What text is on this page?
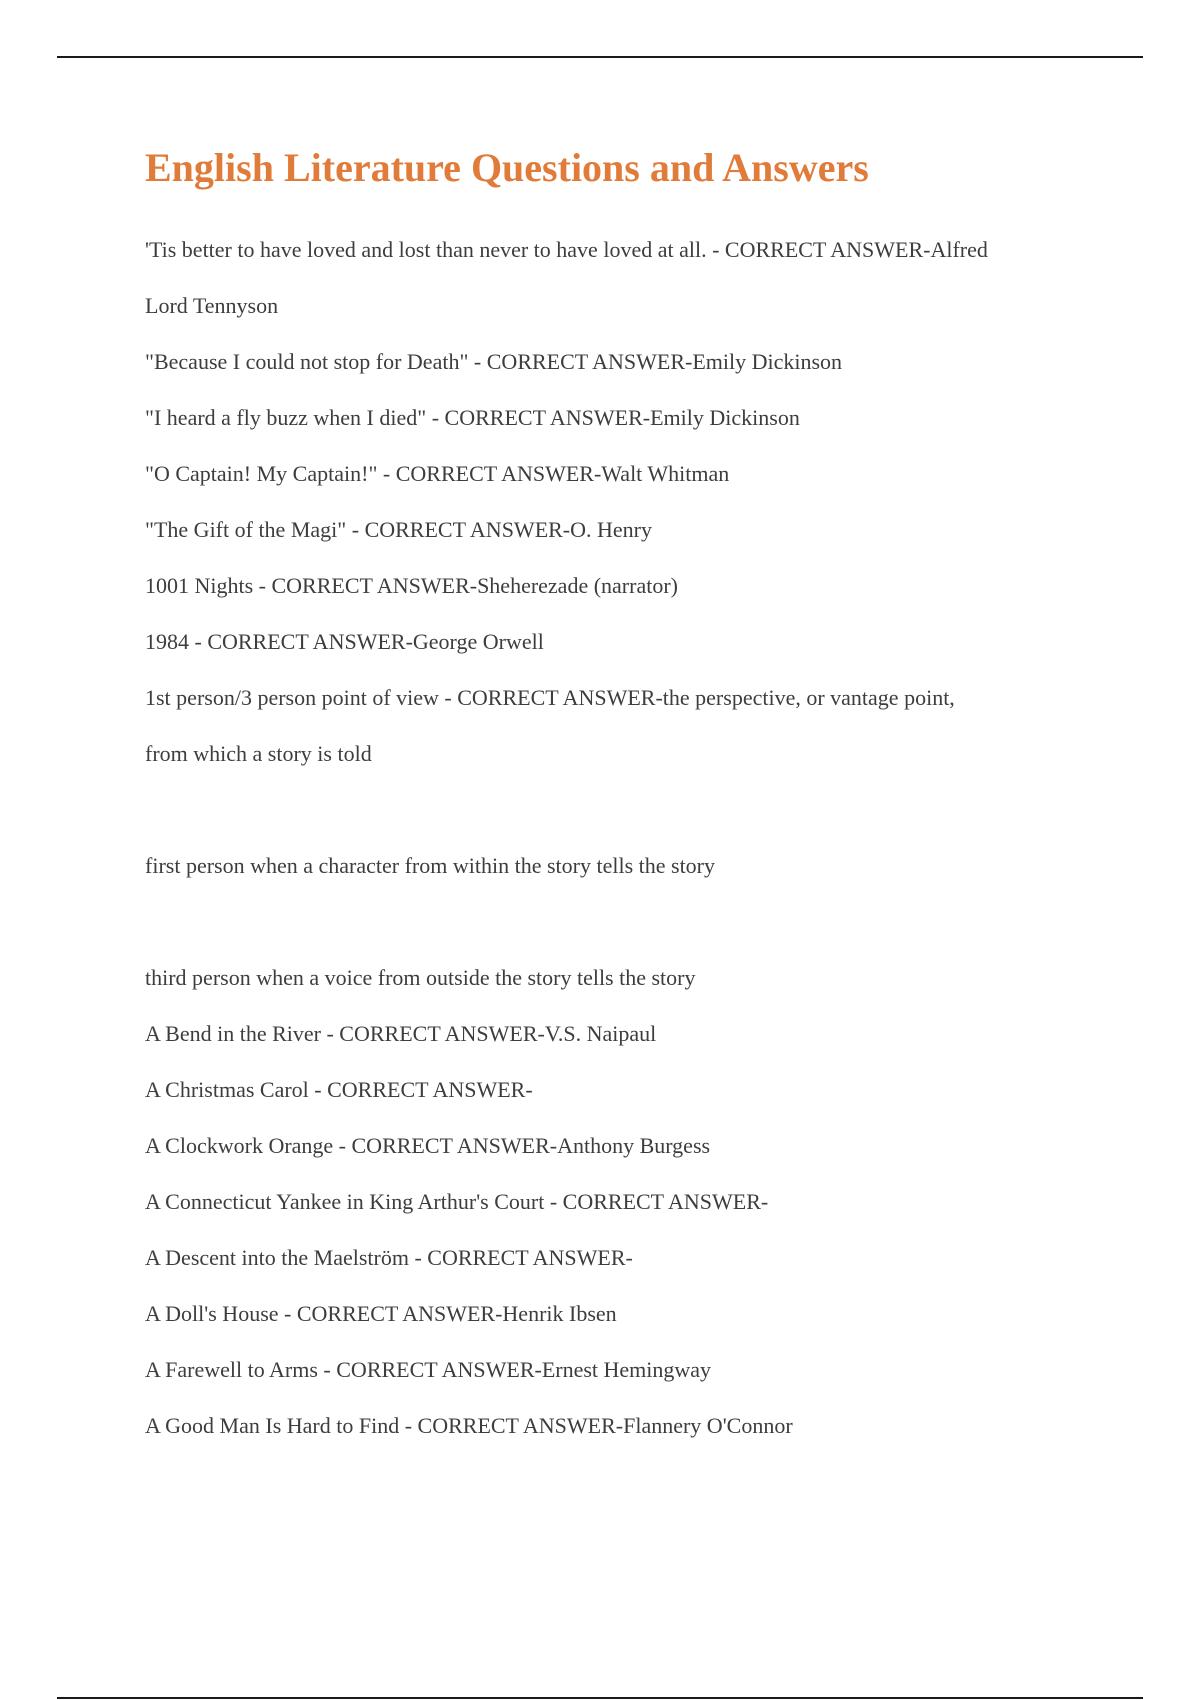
English Literature Questions and Answers
'Tis better to have loved and lost than never to have loved at all. - CORRECT ANSWER-Alfred
Lord Tennyson
"Because I could not stop for Death" - CORRECT ANSWER-Emily Dickinson
"I heard a fly buzz when I died" - CORRECT ANSWER-Emily Dickinson
"O Captain! My Captain!" - CORRECT ANSWER-Walt Whitman
"The Gift of the Magi" - CORRECT ANSWER-O. Henry
1001 Nights - CORRECT ANSWER-Sheherezade (narrator)
1984 - CORRECT ANSWER-George Orwell
1st person/3 person point of view - CORRECT ANSWER-the perspective, or vantage point,
from which a story is told
first person when a character from within the story tells the story
third person when a voice from outside the story tells the story
A Bend in the River - CORRECT ANSWER-V.S. Naipaul
A Christmas Carol - CORRECT ANSWER-
A Clockwork Orange - CORRECT ANSWER-Anthony Burgess
A Connecticut Yankee in King Arthur's Court - CORRECT ANSWER-
A Descent into the Maelström - CORRECT ANSWER-
A Doll's House - CORRECT ANSWER-Henrik Ibsen
A Farewell to Arms - CORRECT ANSWER-Ernest Hemingway
A Good Man Is Hard to Find - CORRECT ANSWER-Flannery O'Connor
